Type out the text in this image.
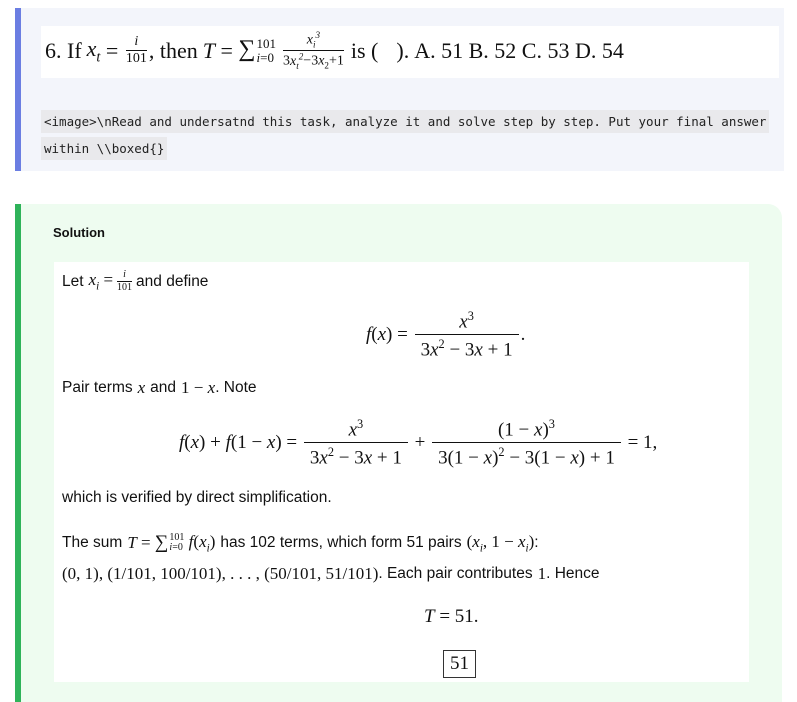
6. If $x_t = \frac{i}{101}$ , then T = ∑ 101
$i=0 \frac{x_i^3}{3x_t^2-3x_2+1}$ is ( ). A. 51 B. 52 C. 53 D. 54
<image>\nRead and undersatnd this task, analyze it and solve step by step. Put your final answer within \\boxed{}
Solution
Let $x_i = \frac{i}{101}$ and define
f ( x ) = $\frac{x^3}{3x^2 - 3x + 1}$ .
Pair terms x and 1 − x . Note
f ( x ) + f (1 − x ) = $\frac{x^3}{3x^2 - 3x + 1} + \frac{(1 - x)^3}{3(1 - x)^2 - 3(1 - x) + 1} = 1$,
which is verified by direct simplification.
The sum T = ∑ 101
i=0 $f(x_i)$ has 102 terms, which form 51 pairs ($x_i$, $1 - x_i$) :
(0, 1), (1/101, 100/101), . . . , (50/101, 51/101) . Each pair contributes 1 . Hence
T = 51.
51
